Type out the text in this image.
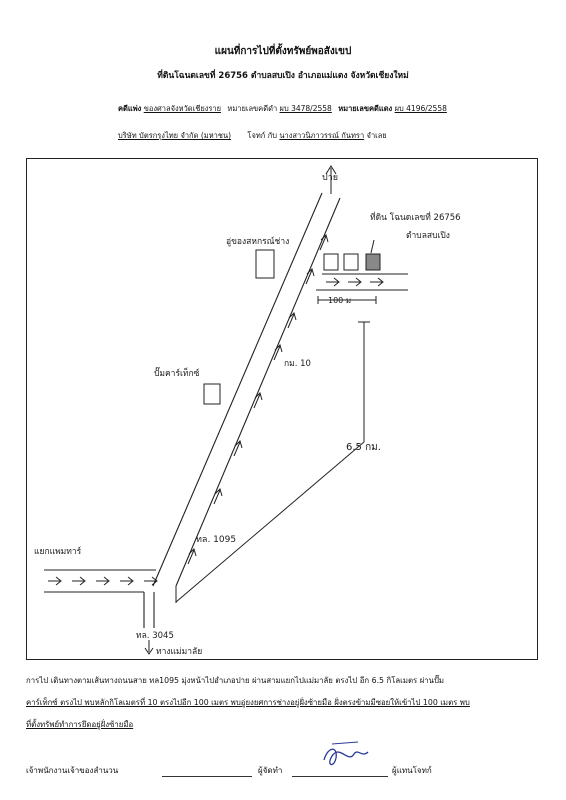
แผนที่การไปที่ตั้งทรัพย์พอสังเขป
ที่ดินโฉนดเลขที่ 26756 ตำบลสบเปิง อำเภอแม่แตง จังหวัดเชียงใหม่
คดีแพ่ง ของศาลจังหวัดเชียงราย หมายเลขคดีดำ ผบ 3478/2558 หมายเลขคดีแดง ผบ 4196/2558
บริษัท บัตรกรุงไทย จำกัด (มหาชน) โจทก์ กับ นางสาวนิภาวรรณ์ กันทรา จำเลย
ปาย
100 ม
ที่ดิน โฉนดเลขที่ 26756
ตำบลสบเปิง
อู่ของสหกรณ์ช่าง
ปั๊มคาร์เท็กซ์
กม. 10
6.5 กม.
แยกแพมทาร์
ทล. 1095
ทล. 3045
ทางแม่มาลัย
การไป เดินทางตามเส้นทางถนนสาย ทล1095 มุ่งหน้าไปอำเภอปาย ผ่านสามแยกไปแม่มาลัย ตรงไป อีก 6.5 กิโลเมตร ผ่านปั๊ม
คาร์เท็กซ์ ตรงไป พบหลักกิโลเมตรที่ 10 ตรงไปอีก 100 เมตร พบอู่ยงยศการช่างอยู่ฝั่งซ้ายมือ ฝั่งตรงข้ามมีซอยให้เข้าไป 100 เมตร พบ
ที่ตั้งทรัพย์ทำการยึดอยู่ฝั่งซ้ายมือ
เจ้าพนักงานเจ้าของสำนวน	ผู้จัดทำ	ผู้แทนโจทก์
